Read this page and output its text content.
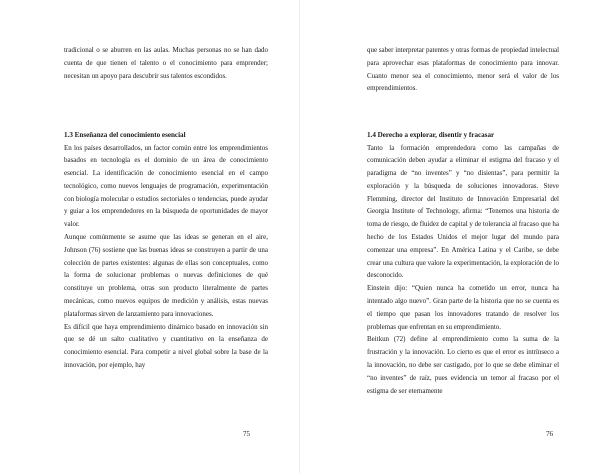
tradicional o se aburren en las aulas. Muchas personas no se han dado cuenta de que tienen el talento o el conocimiento para emprender; necesitan un apoyo para descubrir sus talentos escondidos.

1.3 Enseñanza del conocimiento esencial

En los países desarrollados, un factor común entre los emprendimientos basados en tecnología es el dominio de un área de conocimiento esencial. La identificación de conocimiento esencial en el campo tecnológico, como nuevos lenguajes de programación, experimentación con biología molecular o estudios sectoriales o tendencias, puede ayudar y guiar a los emprendedores en la búsqueda de oportunidades de mayor valor.

Aunque comúnmente se asume que las ideas se generan en el aire, Johnson (76) sostiene que las buenas ideas se construyen a partir de una colección de partes existentes: algunas de ellas son conceptuales, como la forma de solucionar problemas o nuevas definiciones de qué constituye un problema, otras son producto literalmente de partes mecánicas, como nuevos equipos de medición y análisis, estas nuevas plataformas sirven de lanzamiento para innovaciones.

Es difícil que haya emprendimiento dinámico basado en innovación sin que se dé un salto cualitativo y cuantitativo en la enseñanza de conocimiento esencial. Para competir a nivel global sobre la base de la innovación, por ejemplo, hay

75

que saber interpretar patentes y otras formas de propiedad intelectual para aprovechar esas plataformas de conocimiento para innovar. Cuanto menor sea el conocimiento, menor será el valor de los emprendimientos.

1.4 Derecho a explorar, disentir y fracasar

Tanto la formación emprendedora como las campañas de comunicación deben ayudar a eliminar el estigma del fracaso y el paradigma de “no inventes” y “no disientas”, para permitir la exploración y la búsqueda de soluciones innovadoras. Steve Flemming, director del Instituto de Innovación Empresarial del Georgia Institute of Technology, afirma: “Tenemos una historia de toma de riesgo, de fluidez de capital y de tolerancia al fracaso que ha hecho de los Estados Unidos el mejor lugar del mundo para comenzar una empresa”. En América Latina y el Caribe, se debe crear una cultura que valore la experimentación, la exploración de lo desconocido.

Einstein dijo: “Quien nunca ha cometido un error, nunca ha intentado algo nuevo”. Gran parte de la historia que no se cuenta es el tiempo que pasan los innovadores tratando de resolver los problemas que enfrentan en su emprendimiento.

Beitkun (72) define al emprendimiento como la suma de la frustración y la innovación. Lo cierto es que el error es intrínseco a la innovación, no debe ser castigado, por lo que se debe eliminar el “no inventes” de raíz, pues evidencia un temor al fracaso por el estigma de ser eternamente

76
